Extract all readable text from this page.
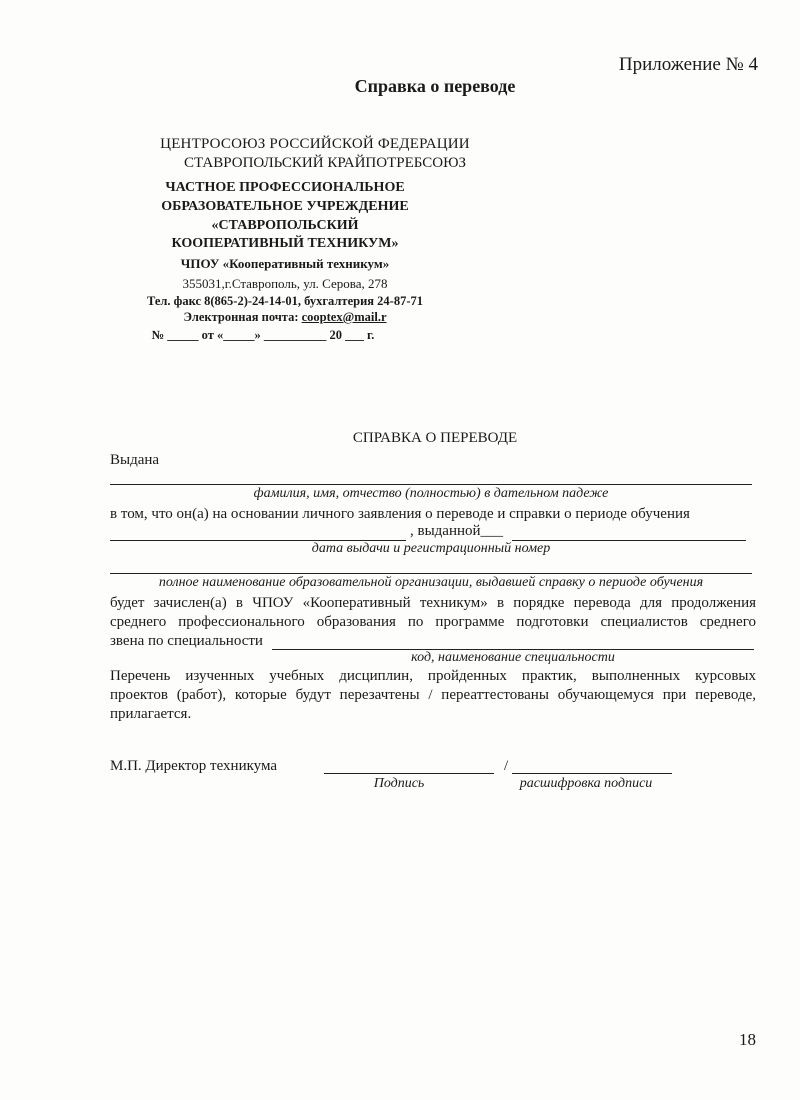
Приложение № 4
Справка о переводе
ЦЕНТРОСОЮЗ РОССИЙСКОЙ ФЕДЕРАЦИИ
СТАВРОПОЛЬСКИЙ КРАЙПОТРЕБСОЮЗ
ЧАСТНОЕ ПРОФЕССИОНАЛЬНОЕ
ОБРАЗОВАТЕЛЬНОЕ УЧРЕЖДЕНИЕ
«СТАВРОПОЛЬСКИЙ
КООПЕРАТИВНЫЙ ТЕХНИКУМ»
ЧПОУ «Кооперативный техникум»
355031,г.Ставрополь, ул. Серова, 278
Тел. факс 8(865-2)-24-14-01, бухгалтерия 24-87-71
Электронная почта: cooptex@mail.r
№ _____ от «_____» __________ 20 ___ г.
СПРАВКА О ПЕРЕВОДЕ
Выдана
фамилия, имя, отчество (полностью) в дательном падеже
в том, что он(а) на основании личного заявления о переводе и справки о периоде обучения
, выданной___
дата выдачи и регистрационный номер
полное наименование образовательной организации, выдавшей справку о периоде обучения
будет зачислен(а) в ЧПОУ «Кооперативный техникум» в порядке перевода для продолжения
среднего профессионального образования по программе подготовки специалистов среднего
звена по специальности
код, наименование специальности
Перечень изученных учебных дисциплин, пройденных практик, выполненных курсовых
проектов (работ), которые будут перезачтены / переаттестованы обучающемуся при переводе,
прилагается.
М.П. Директор техникума	/
Подпись	расшифровка подписи
18
